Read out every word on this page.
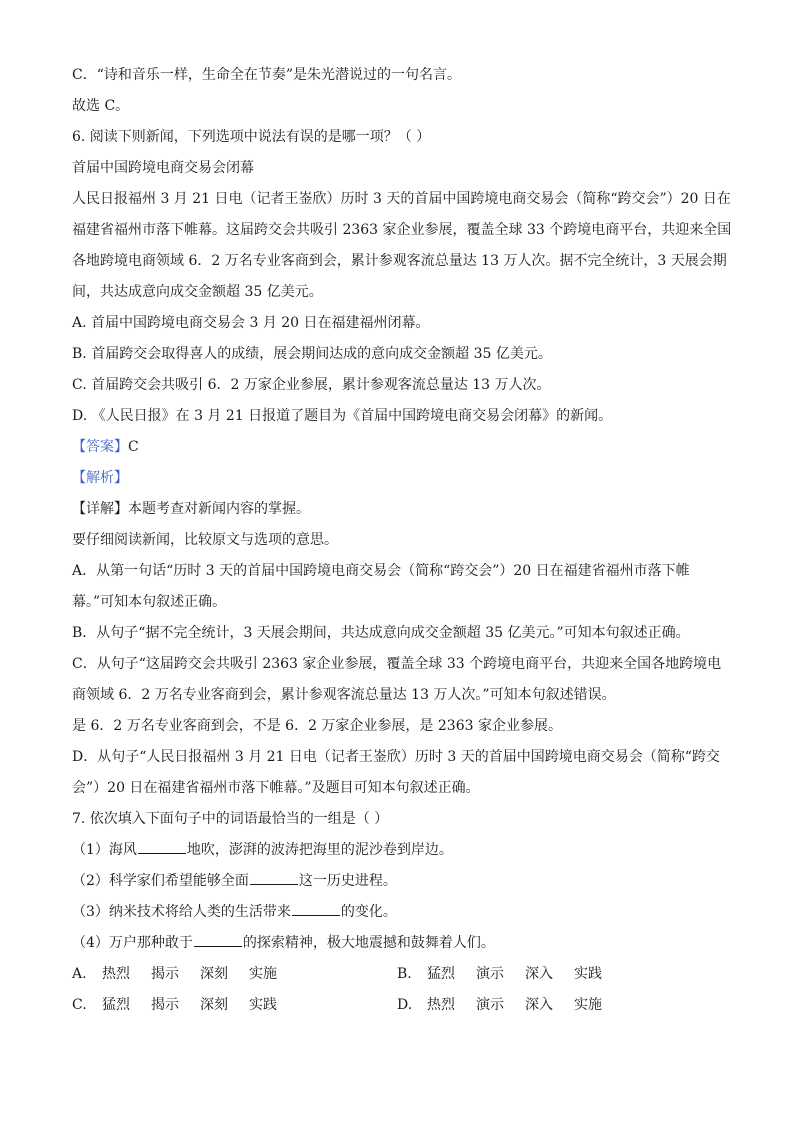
C．“诗和音乐一样，生命全在节奏”是朱光潜说过的一句名言。

故选 C。

6. 阅读下则新闻，下列选项中说法有误的是哪一项？（ ）

首届中国跨境电商交易会闭幕

人民日报福州 3 月 21 日电（记者王崟欣）历时 3 天的首届中国跨境电商交易会（简称“跨交会”）20 日在

福建省福州市落下帷幕。这届跨交会共吸引 2363 家企业参展，覆盖全球 33 个跨境电商平台，共迎来全国

各地跨境电商领域 6．2 万名专业客商到会，累计参观客流总量达 13 万人次。据不完全统计，3 天展会期

间，共达成意向成交金额超 35 亿美元。

A. 首届中国跨境电商交易会 3 月 20 日在福建福州闭幕。

B. 首届跨交会取得喜人的成绩，展会期间达成的意向成交金额超 35 亿美元。

C. 首届跨交会共吸引 6．2 万家企业参展，累计参观客流总量达 13 万人次。

D. 《人民日报》在 3 月 21 日报道了题目为《首届中国跨境电商交易会闭幕》的新闻。

【答案】C

【解析】

【详解】本题考查对新闻内容的掌握。

要仔细阅读新闻，比较原文与选项的意思。

A．从第一句话“历时 3 天的首届中国跨境电商交易会（简称“跨交会”）20 日在福建省福州市落下帷

幕。”可知本句叙述正确。

B．从句子“据不完全统计，3 天展会期间，共达成意向成交金额超 35 亿美元。”可知本句叙述正确。

C．从句子“这届跨交会共吸引 2363 家企业参展，覆盖全球 33 个跨境电商平台，共迎来全国各地跨境电

商领域 6．2 万名专业客商到会，累计参观客流总量达 13 万人次。”可知本句叙述错误。

是 6．2 万名专业客商到会，不是 6．2 万家企业参展，是 2363 家企业参展。

D．从句子“人民日报福州 3 月 21 日电（记者王崟欣）历时 3 天的首届中国跨境电商交易会（简称“跨交

会”）20 日在福建省福州市落下帷幕。”及题目可知本句叙述正确。

7. 依次填入下面句子中的词语最恰当的一组是（ ）

（1）海风	地吹，澎湃的波涛把海里的泥沙卷到岸边。

（2）科学家们希望能够全面	这一历史进程。

（3）纳米技术将给人类的生活带来	的变化。

（4）万户那种敢于	的探索精神，极大地震撼和鼓舞着人们。

A.	热烈	揭示	深刻	实施	B.	猛烈	演示	深入	实践
C.	猛烈	揭示	深刻	实践	D.	热烈	演示	深入	实施
